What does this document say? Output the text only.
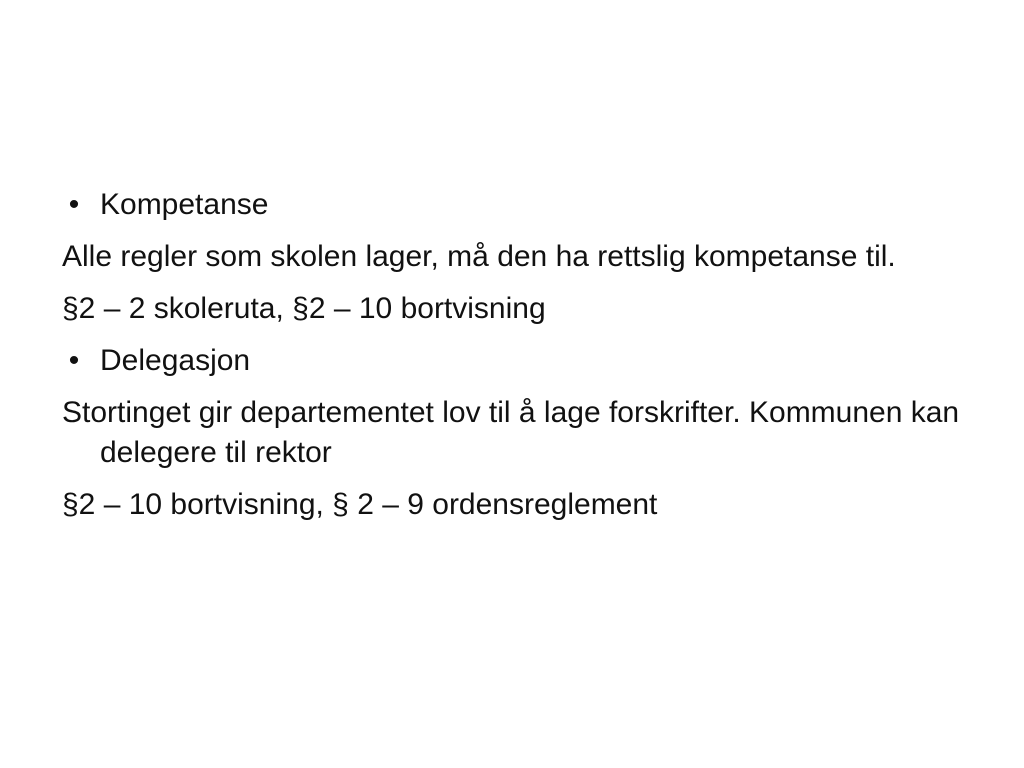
• Kompetanse
Alle regler som skolen lager, må den ha rettslig kompetanse til.
§2 – 2 skoleruta, §2 – 10 bortvisning
• Delegasjon
Stortinget gir departementet lov til å lage forskrifter. Kommunen kan delegere til rektor
§2 – 10 bortvisning, § 2 – 9 ordensreglement
